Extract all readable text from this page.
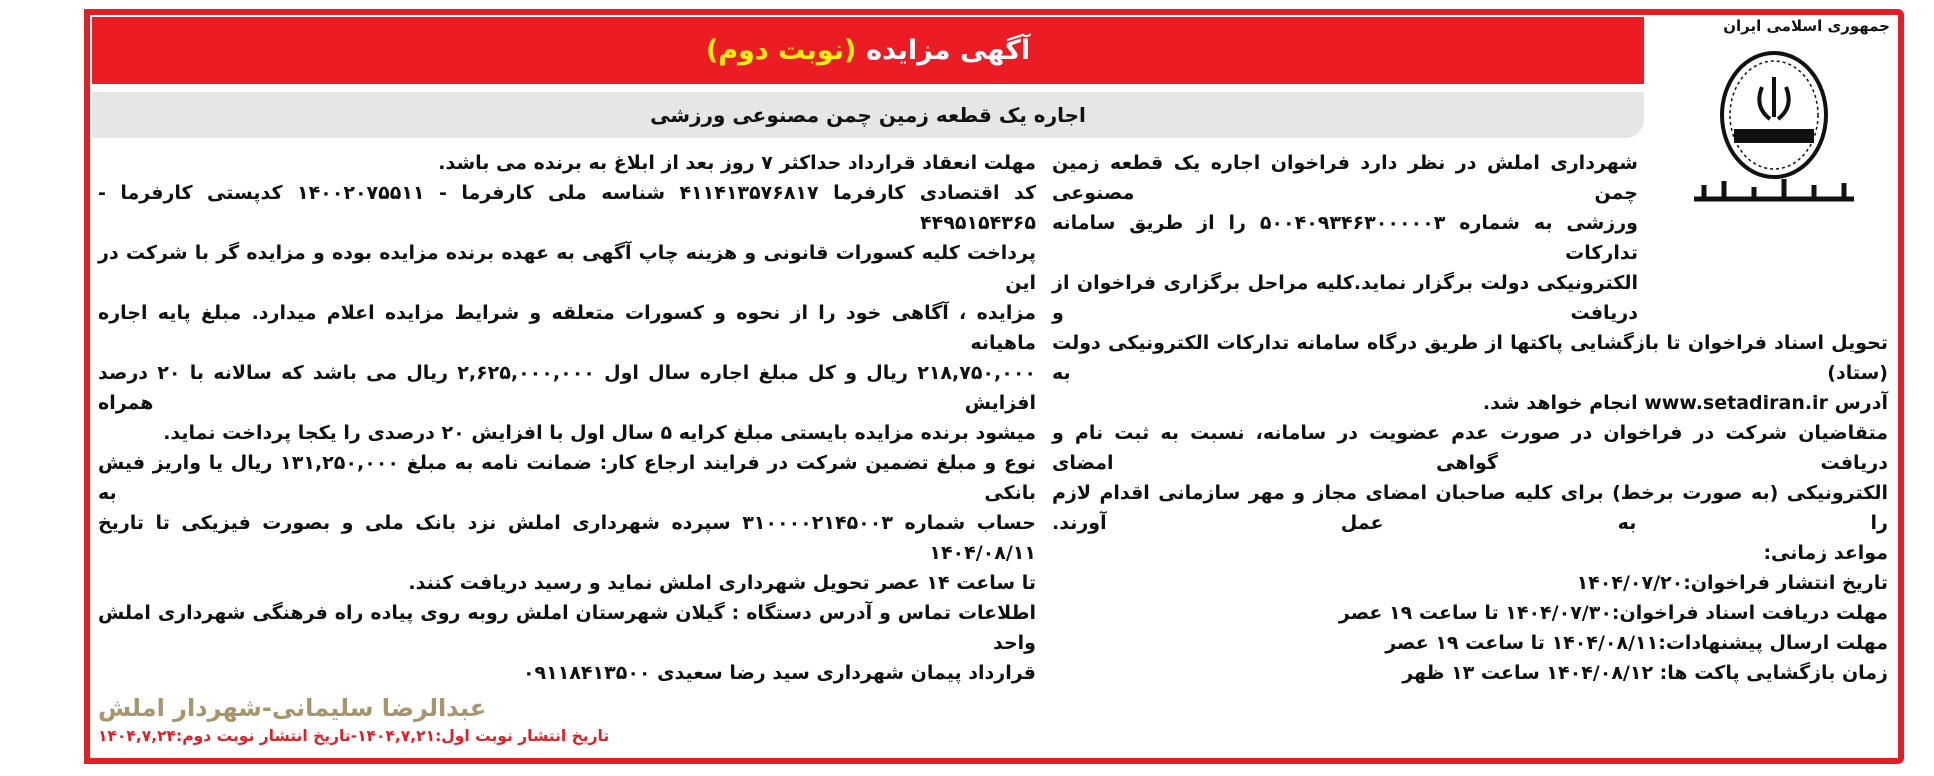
جمهوری اسلامی ایران
آگهی مزایده
(نوبت دوم)
اجاره یک قطعه زمین چمن مصنوعی ورزشی
شهرداری املش در نظر دارد فراخوان اجاره یک قطعه زمین چمن مصنوعی
ورزشی به شماره ۵۰۰۴۰۹۳۴۶۳۰۰۰۰۰۳ را از طریق سامانه تدارکات
الکترونیکی دولت برگزار نماید.کلیه مراحل برگزاری فراخوان از دریافت و
تحویل اسناد فراخوان تا بازگشایی پاکتها از طریق درگاه سامانه تدارکات الکترونیکی دولت (ستاد) به
آدرس www.setadiran.ir انجام خواهد شد.
متقاضیان شرکت در فراخوان در صورت عدم عضویت در سامانه، نسبت به ثبت نام و دریافت گواهی امضای
الکترونیکی (به صورت برخط) برای کلیه صاحبان امضای مجاز و مهر سازمانی اقدام لازم را به عمل آورند.
مواعد زمانی:
تاریخ انتشار فراخوان:۱۴۰۴/۰۷/۲۰
مهلت دریافت اسناد فراخوان:۱۴۰۴/۰۷/۳۰ تا ساعت ۱۹ عصر
مهلت ارسال پیشنهادات:۱۴۰۴/۰۸/۱۱ تا ساعت ۱۹ عصر
زمان بازگشایی پاکت ها: ۱۴۰۴/۰۸/۱۲ ساعت ۱۳ ظهر
مهلت انعقاد قرارداد حداکثر ۷ روز بعد از ابلاغ به برنده می باشد.
کد اقتصادی کارفرما ۴۱۱۴۱۳۵۷۶۸۱۷ شناسه ملی کارفرما - ۱۴۰۰۲۰۷۵۵۱۱ کدپستی کارفرما - ۴۴۹۵۱۵۴۳۶۵
پرداخت کلیه کسورات قانونی و هزینه چاپ آگهی به عهده برنده مزایده بوده و مزایده گر با شرکت در این
مزایده ، آگاهی خود را از نحوه و کسورات متعلقه و شرایط مزایده اعلام میدارد. مبلغ پایه اجاره ماهیانه
۲۱۸,۷۵۰,۰۰۰ ریال و کل مبلغ اجاره سال اول ۲,۶۲۵,۰۰۰,۰۰۰ ریال می باشد که سالانه با ۲۰ درصد افزایش همراه
میشود برنده مزایده بایستی مبلغ کرایه ۵ سال اول با افزایش ۲۰ درصدی را یکجا پرداخت نماید.
نوع و مبلغ تضمین شرکت در فرایند ارجاع کار: ضمانت نامه به مبلغ ۱۳۱,۲۵۰,۰۰۰ ریال یا واریز فیش بانکی به
حساب شماره ۳۱۰۰۰۰۲۱۴۵۰۰۳ سپرده شهرداری املش نزد بانک ملی و بصورت فیزیکی تا تاریخ ۱۴۰۴/۰۸/۱۱
تا ساعت ۱۴ عصر تحویل شهرداری املش نماید و رسید دریافت کنند.
اطلاعات تماس و آدرس دستگاه : گیلان شهرستان املش روبه روی پیاده راه فرهنگی شهرداری املش واحد
قرارداد پیمان شهرداری سید رضا سعیدی ۰۹۱۱۸۴۱۳۵۰۰
عبدالرضا سلیمانی-شهردار املش
تاریخ انتشار نوبت اول:۱۴۰۴,۷,۲۱-تاریخ انتشار نوبت دوم:۱۴۰۴,۷,۲۴
